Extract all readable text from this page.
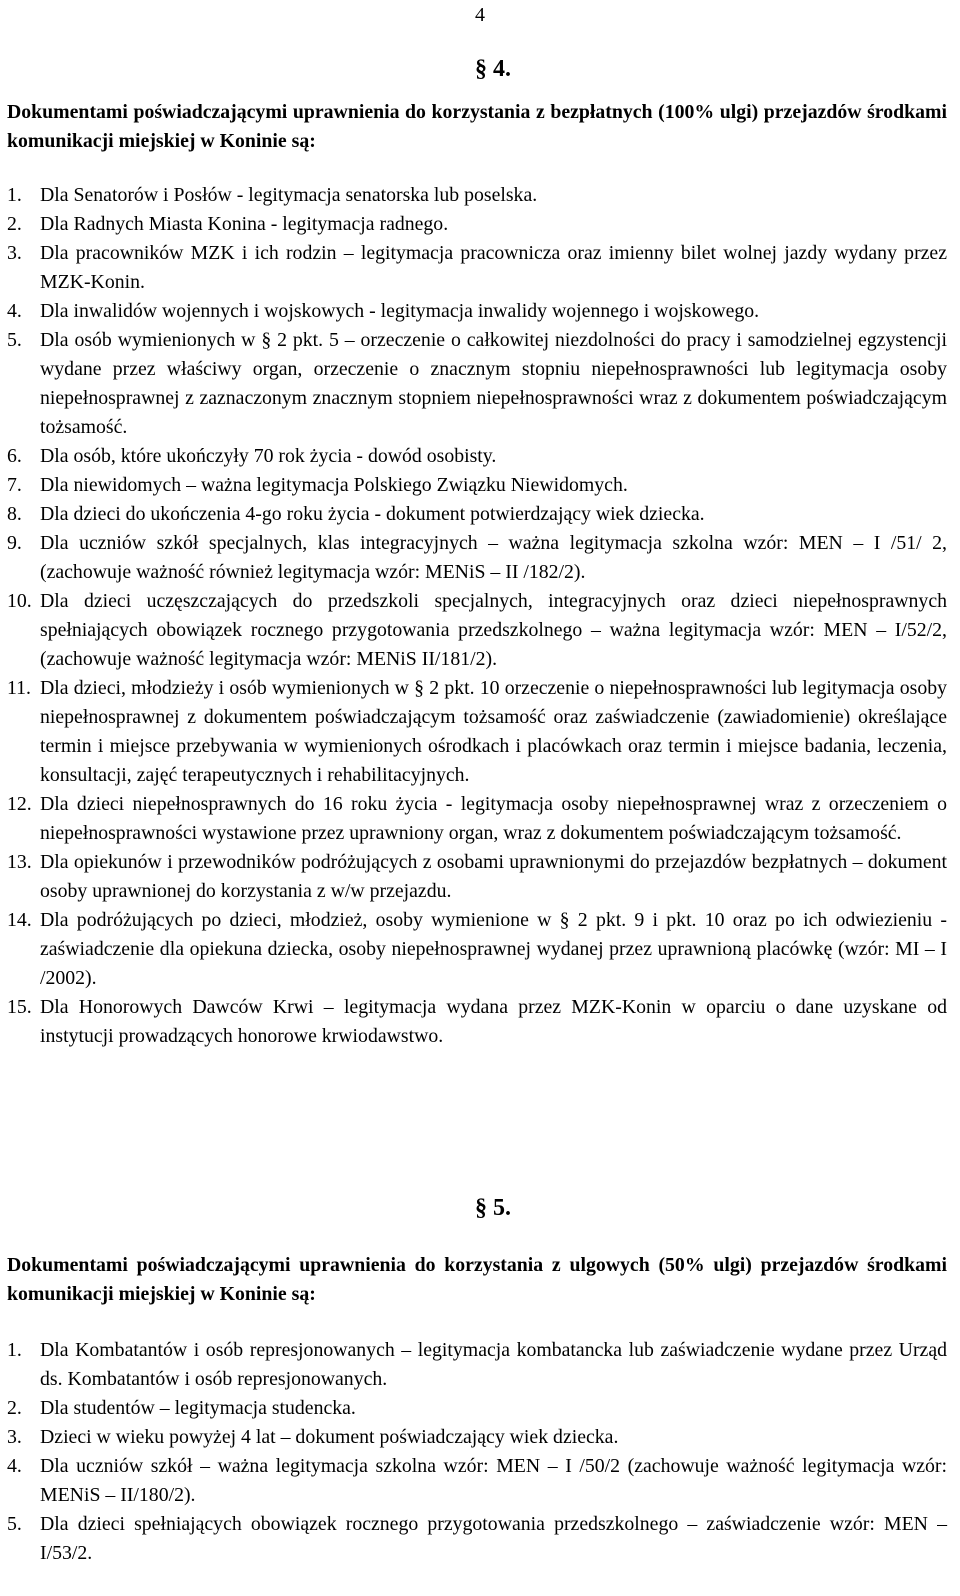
4
§ 4.
Dokumentami poświadczającymi uprawnienia do korzystania z bezpłatnych (100% ulgi) przejazdów środkami komunikacji miejskiej w Koninie są:
1. Dla Senatorów i Posłów - legitymacja senatorska lub poselska.
2. Dla Radnych Miasta Konina - legitymacja radnego.
3. Dla pracowników MZK i ich rodzin – legitymacja pracownicza oraz imienny bilet wolnej jazdy wydany przez MZK-Konin.
4. Dla inwalidów wojennych i wojskowych - legitymacja inwalidy wojennego i wojskowego.
5. Dla osób wymienionych w § 2 pkt. 5 – orzeczenie o całkowitej niezdolności do pracy i samodzielnej egzystencji wydane przez właściwy organ, orzeczenie o znacznym stopniu niepełnosprawności lub legitymacja osoby niepełnosprawnej z zaznaczonym znacznym stopniem niepełnosprawności wraz z dokumentem poświadczającym tożsamość.
6. Dla osób, które ukończyły 70 rok życia - dowód osobisty.
7. Dla niewidomych – ważna legitymacja Polskiego Związku Niewidomych.
8. Dla dzieci do ukończenia 4-go roku życia - dokument potwierdzający wiek dziecka.
9. Dla uczniów szkół specjalnych, klas integracyjnych – ważna legitymacja szkolna wzór: MEN – I /51/ 2, (zachowuje ważność również legitymacja wzór: MENiS – II /182/2).
10. Dla dzieci uczęszczających do przedszkoli specjalnych, integracyjnych oraz dzieci niepełnosprawnych spełniających obowiązek rocznego przygotowania przedszkolnego – ważna legitymacja wzór: MEN – I/52/2, (zachowuje ważność legitymacja wzór: MENiS II/181/2).
11. Dla dzieci, młodzieży i osób wymienionych w § 2 pkt. 10 orzeczenie o niepełnosprawności lub legitymacja osoby niepełnosprawnej z dokumentem poświadczającym tożsamość oraz zaświadczenie (zawiadomienie) określające termin i miejsce przebywania w wymienionych ośrodkach i placówkach oraz termin i miejsce badania, leczenia, konsultacji, zajęć terapeutycznych i rehabilitacyjnych.
12. Dla dzieci niepełnosprawnych do 16 roku życia - legitymacja osoby niepełnosprawnej wraz z orzeczeniem o niepełnosprawności wystawione przez uprawniony organ, wraz z dokumentem poświadczającym tożsamość.
13. Dla opiekunów i przewodników podróżujących z osobami uprawnionymi do przejazdów bezpłatnych – dokument osoby uprawnionej do korzystania z w/w przejazdu.
14. Dla podróżujących po dzieci, młodzież, osoby wymienione w § 2 pkt. 9 i pkt. 10 oraz po ich odwiezieniu - zaświadczenie dla opiekuna dziecka, osoby niepełnosprawnej wydanej przez uprawnioną placówkę (wzór: MI – I /2002).
15. Dla Honorowych Dawców Krwi – legitymacja wydana przez MZK-Konin w oparciu o dane uzyskane od instytucji prowadzących honorowe krwiodawstwo.
§ 5.
Dokumentami poświadczającymi uprawnienia do korzystania z ulgowych (50% ulgi) przejazdów środkami komunikacji miejskiej w Koninie są:
1. Dla Kombatantów i osób represjonowanych – legitymacja kombatancka lub zaświadczenie wydane przez Urząd ds. Kombatantów i osób represjonowanych.
2. Dla studentów – legitymacja studencka.
3. Dzieci w wieku powyżej 4 lat – dokument poświadczający wiek dziecka.
4. Dla uczniów szkół – ważna legitymacja szkolna wzór: MEN – I /50/2 (zachowuje ważność legitymacja wzór: MENiS – II/180/2).
5. Dla dzieci spełniających obowiązek rocznego przygotowania przedszkolnego – zaświadczenie wzór: MEN – I/53/2.
